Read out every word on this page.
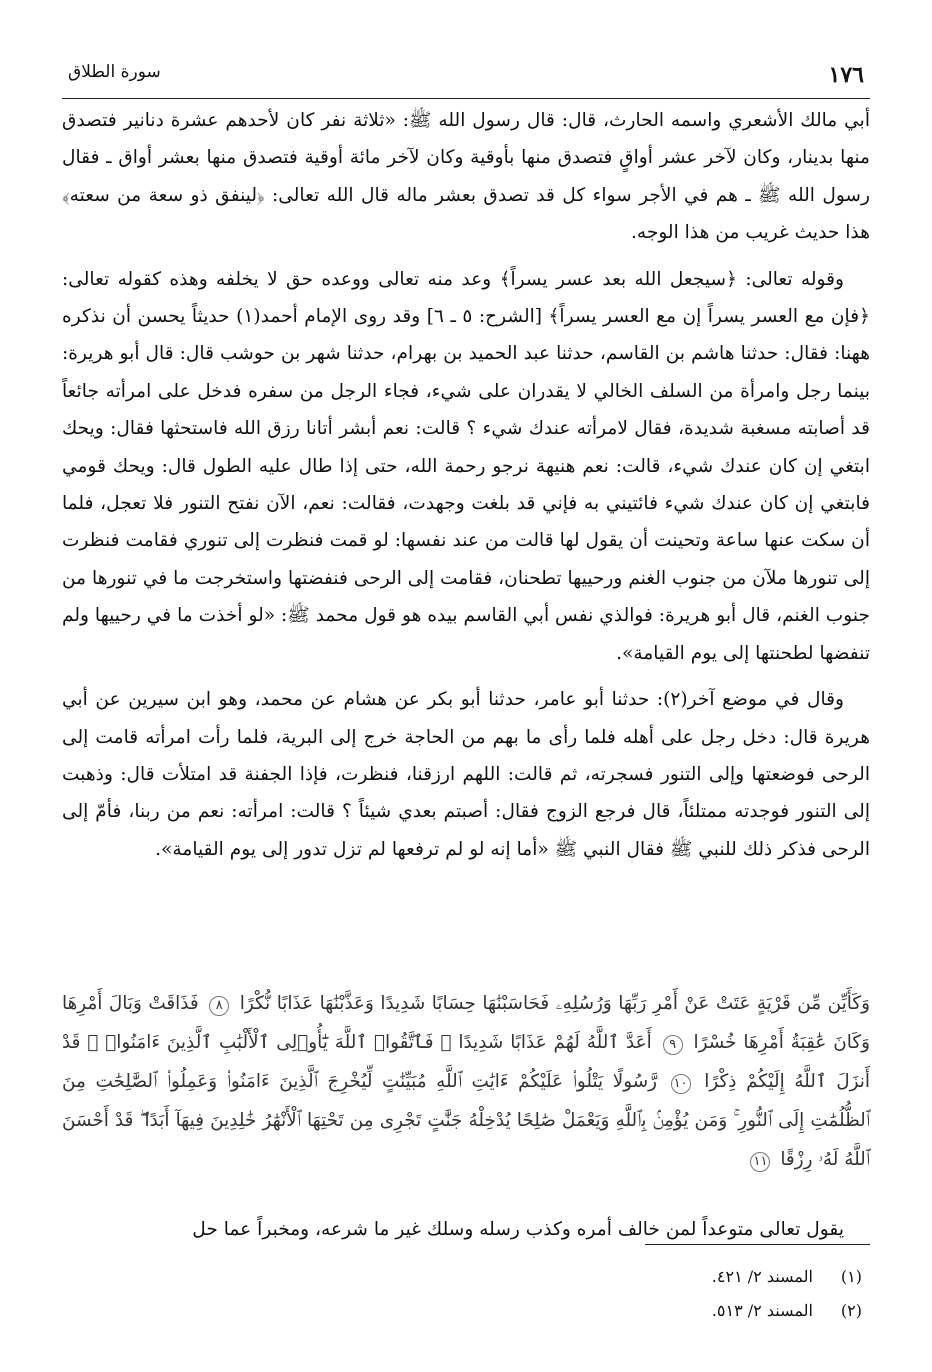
١٧٦
سورة الطلاق

أبي مالك الأشعري واسمه الحارث، قال: قال رسول الله ﷺ: «ثلاثة نفر كان لأحدهم عشرة دنانير فتصدق منها بدينار، وكان لآخر عشر أواقٍ فتصدق منها بأوقية وكان لآخر مائة أوقية فتصدق منها بعشر أواق ـ فقال رسول الله ﷺ ـ هم في الأجر سواء كل قد تصدق بعشر ماله قال الله تعالى: ﴿لينفق ذو سعة من سعته﴾ هذا حديث غريب من هذا الوجه.

وقوله تعالى: ﴿سيجعل الله بعد عسر يسراً﴾ وعد منه تعالى ووعده حق لا يخلفه وهذه كقوله تعالى: ﴿فإن مع العسر يسراً إن مع العسر يسراً﴾ [الشرح: ٥ ـ ٦] وقد روى الإمام أحمد(١) حديثاً يحسن أن نذكره ههنا: فقال: حدثنا هاشم بن القاسم، حدثنا عبد الحميد بن بهرام، حدثنا شهر بن حوشب قال: قال أبو هريرة: بينما رجل وامرأة من السلف الخالي لا يقدران على شيء، فجاء الرجل من سفره فدخل على امرأته جائعاً قد أصابته مسغبة شديدة، فقال لامرأته عندك شيء ؟ قالت: نعم أبشر أتانا رزق الله فاستحثها فقال: ويحك ابتغي إن كان عندك شيء، قالت: نعم هنيهة نرجو رحمة الله، حتى إذا طال عليه الطول قال: ويحك قومي فابتغي إن كان عندك شيء فائتيني به فإني قد بلغت وجهدت، فقالت: نعم، الآن نفتح التنور فلا تعجل، فلما أن سكت عنها ساعة وتحينت أن يقول لها قالت من عند نفسها: لو قمت فنظرت إلى تنوري فقامت فنظرت إلى تنورها ملآن من جنوب الغنم ورحييها تطحنان، فقامت إلى الرحى فنفضتها واستخرجت ما في تنورها من جنوب الغنم، قال أبو هريرة: فوالذي نفس أبي القاسم بيده هو قول محمد ﷺ: «لو أخذت ما في رحييها ولم تنفضها لطحنتها إلى يوم القيامة».

وقال في موضع آخر(٢): حدثنا أبو عامر، حدثنا أبو بكر عن هشام عن محمد، وهو ابن سيرين عن أبي هريرة قال: دخل رجل على أهله فلما رأى ما بهم من الحاجة خرج إلى البرية، فلما رأت امرأته قامت إلى الرحى فوضعتها وإلى التنور فسجرته، ثم قالت: اللهم ارزقنا، فنظرت، فإذا الجفنة قد امتلأت قال: وذهبت إلى التنور فوجدته ممتلئاً، قال فرجع الزوج فقال: أصبتم بعدي شيئاً ؟ قالت: امرأته: نعم من ربنا، فأمّ إلى الرحى فذكر ذلك للنبي ﷺ فقال النبي ﷺ «أما إنه لو لم ترفعها لم تزل تدور إلى يوم القيامة».

وَكَأَيِّن مِّن قَرْيَةٍ عَتَتْ عَنْ أَمْرِ رَبِّهَا وَرُسُلِهِۦ فَحَاسَبْنَٰهَا حِسَابًا شَدِيدًا وَعَذَّبْنَٰهَا عَذَابًا نُّكْرًا ٨ فَذَاقَتْ وَبَالَ أَمْرِهَا وَكَانَ عَٰقِبَةُ أَمْرِهَا خُسْرًا ٩ أَعَدَّ ٱللَّهُ لَهُمْ عَذَابًا شَدِيدًا ۖ فَٱتَّقُوا۟ ٱللَّهَ يَٰٓأُو۟لِى ٱلْأَلْبَٰبِ ٱلَّذِينَ ءَامَنُوا۟ ۚ قَدْ أَنزَلَ ٱللَّهُ إِلَيْكُمْ ذِكْرًا ١٠ رَّسُولًا يَتْلُوا۟ عَلَيْكُمْ ءَايَٰتِ ٱللَّهِ مُبَيِّنَٰتٍ لِّيُخْرِجَ ٱلَّذِينَ ءَامَنُوا۟ وَعَمِلُوا۟ ٱلصَّٰلِحَٰتِ مِنَ ٱلظُّلُمَٰتِ إِلَى ٱلنُّورِ ۚ وَمَن يُؤْمِنۢ بِٱللَّهِ وَيَعْمَلْ صَٰلِحًا يُدْخِلْهُ جَنَّٰتٍ تَجْرِى مِن تَحْتِهَا ٱلْأَنْهَٰرُ خَٰلِدِينَ فِيهَآ أَبَدًا ۖ قَدْ أَحْسَنَ ٱللَّهُ لَهُۥ رِزْقًا ١١

يقول تعالى متوعداً لمن خالف أمره وكذب رسله وسلك غير ما شرعه، ومخبراً عما حل

(١) المسند ٢/ ٤٢١.
(٢) المسند ٢/ ٥١٣.
